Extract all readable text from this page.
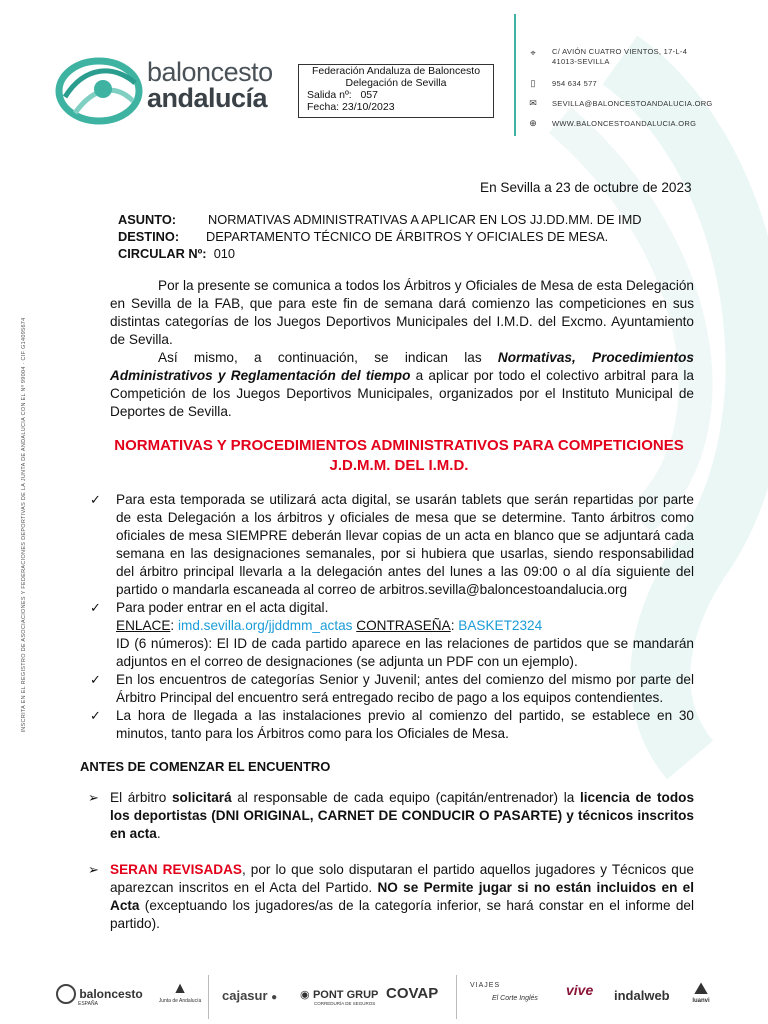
baloncesto
andalucía
Federación Andaluza de Baloncesto
Delegación de Sevilla
Salida nº: 057
Fecha: 23/10/2023
⌖	C/ AVIÓN CUATRO VIENTOS, 17-L-4
41013-SEVILLA
▯	954 634 577
✉ SEVILLA@BALONCESTOANDALUCIA.ORG
⊕ WWW.BALONCESTOANDALUCIA.ORG
INSCRITA EN EL REGISTRO DE ASOCIACIONES Y FEDERACIONES DEPORTIVAS DE LA JUNTA DE ANDALUCIA CON EL Nº 99004 · CIF G14095674
En Sevilla a 23 de octubre de 2023
ASUNTO: NORMATIVAS ADMINISTRATIVAS A APLICAR EN LOS JJ.DD.MM. DE IMD
DESTINO: DEPARTAMENTO TÉCNICO DE ÁRBITROS Y OFICIALES DE MESA.
CIRCULAR Nº: 010
Por la presente se comunica a todos los Árbitros y Oficiales de Mesa de esta Delegación en Sevilla de la FAB, que para este fin de semana dará comienzo las competiciones en sus distintas categorías de los Juegos Deportivos Municipales del I.M.D. del Excmo. Ayuntamiento de Sevilla.
Así mismo, a continuación, se indican las Normativas, Procedimientos Administrativos y Reglamentación del tiempo a aplicar por todo el colectivo arbitral para la Competición de los Juegos Deportivos Municipales, organizados por el Instituto Municipal de Deportes de Sevilla.
NORMATIVAS Y PROCEDIMIENTOS ADMINISTRATIVOS PARA COMPETICIONES
J.D.M.M. DEL I.M.D.
✓ Para esta temporada se utilizará acta digital, se usarán tablets que serán repartidas por parte de esta Delegación a los árbitros y oficiales de mesa que se determine. Tanto árbitros como oficiales de mesa SIEMPRE deberán llevar copias de un acta en blanco que se adjuntará cada semana en las designaciones semanales, por si hubiera que usarlas, siendo responsabilidad del árbitro principal llevarla a la delegación antes del lunes a las 09:00 o al día siguiente del partido o mandarla escaneada al correo de arbitros.sevilla@baloncestoandalucia.org
✓ Para poder entrar en el acta digital.
ENLACE: imd.sevilla.org/jjddmm_actas CONTRASEÑA: BASKET2324
ID (6 números): El ID de cada partido aparece en las relaciones de partidos que se mandarán adjuntos en el correo de designaciones (se adjunta un PDF con un ejemplo).
✓ En los encuentros de categorías Senior y Juvenil; antes del comienzo del mismo por parte del Árbitro Principal del encuentro será entregado recibo de pago a los equipos contendientes.
✓ La hora de llegada a las instalaciones previo al comienzo del partido, se establece en 30 minutos, tanto para los Árbitros como para los Oficiales de Mesa.
ANTES DE COMENZAR EL ENCUENTRO
➢ El árbitro solicitará al responsable de cada equipo (capitán/entrenador) la licencia de todos los deportistas (DNI ORIGINAL, CARNET DE CONDUCIR O PASARTE) y técnicos inscritos en acta.
➢ SERAN REVISADAS, por lo que solo disputaran el partido aquellos jugadores y Técnicos que aparezcan inscritos en el Acta del Partido. NO se Permite jugar si no están incluidos en el Acta (exceptuando los jugadores/as de la categoría inferior, se hará constar en el informe del partido).
baloncesto
ESPAÑA
▲
Junta de Andalucía cajasur ● ◉ PONT GRUP
CORREDURÍA DE SEGUROS
COVAP	VIAJES
El Corte Inglés
vive indalweb	⛰
luanvi
